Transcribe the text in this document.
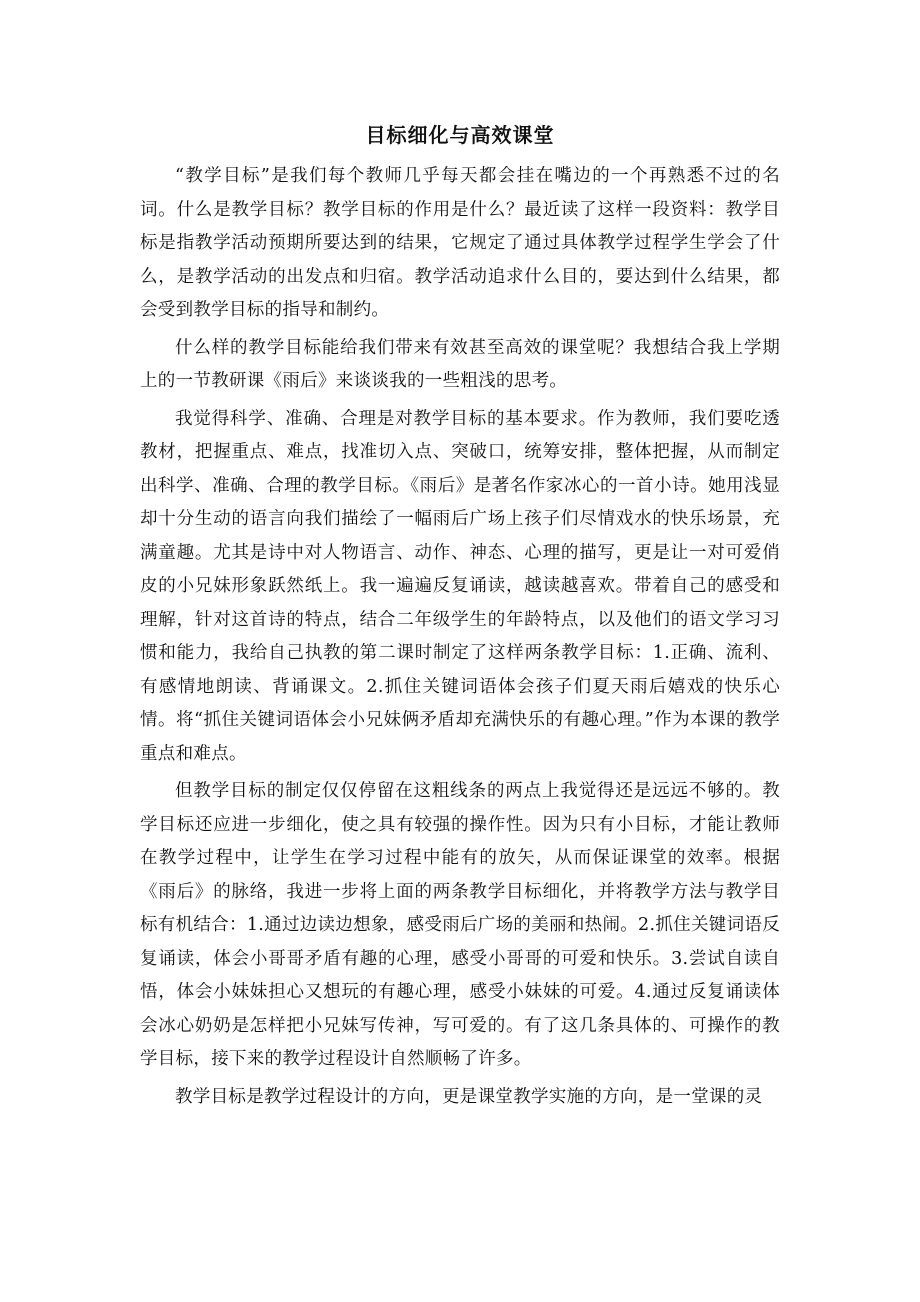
目标细化与高效课堂

“教学目标”是我们每个教师几乎每天都会挂在嘴边的一个再熟悉不过的名词。什么是教学目标？教学目标的作用是什么？最近读了这样一段资料：教学目标是指教学活动预期所要达到的结果，它规定了通过具体教学过程学生学会了什么，是教学活动的出发点和归宿。教学活动追求什么目的，要达到什么结果，都会受到教学目标的指导和制约。

什么样的教学目标能给我们带来有效甚至高效的课堂呢？我想结合我上学期上的一节教研课《雨后》来谈谈我的一些粗浅的思考。

我觉得科学、准确、合理是对教学目标的基本要求。作为教师，我们要吃透教材，把握重点、难点，找准切入点、突破口，统筹安排，整体把握，从而制定出科学、准确、合理的教学目标。《雨后》是著名作家冰心的一首小诗。她用浅显却十分生动的语言向我们描绘了一幅雨后广场上孩子们尽情戏水的快乐场景，充满童趣。尤其是诗中对人物语言、动作、神态、心理的描写，更是让一对可爱俏皮的小兄妹形象跃然纸上。我一遍遍反复诵读，越读越喜欢。带着自己的感受和理解，针对这首诗的特点，结合二年级学生的年龄特点，以及他们的语文学习习惯和能力，我给自己执教的第二课时制定了这样两条教学目标：1.正确、流利、有感情地朗读、背诵课文。2.抓住关键词语体会孩子们夏天雨后嬉戏的快乐心情。将“抓住关键词语体会小兄妹俩矛盾却充满快乐的有趣心理。”作为本课的教学重点和难点。

但教学目标的制定仅仅停留在这粗线条的两点上我觉得还是远远不够的。教学目标还应进一步细化，使之具有较强的操作性。因为只有小目标，才能让教师在教学过程中，让学生在学习过程中能有的放矢，从而保证课堂的效率。根据《雨后》的脉络，我进一步将上面的两条教学目标细化，并将教学方法与教学目标有机结合：1.通过边读边想象，感受雨后广场的美丽和热闹。2.抓住关键词语反复诵读，体会小哥哥矛盾有趣的心理，感受小哥哥的可爱和快乐。3.尝试自读自悟，体会小妹妹担心又想玩的有趣心理，感受小妹妹的可爱。4.通过反复诵读体会冰心奶奶是怎样把小兄妹写传神，写可爱的。有了这几条具体的、可操作的教学目标，接下来的教学过程设计自然顺畅了许多。

教学目标是教学过程设计的方向，更是课堂教学实施的方向，是一堂课的灵
